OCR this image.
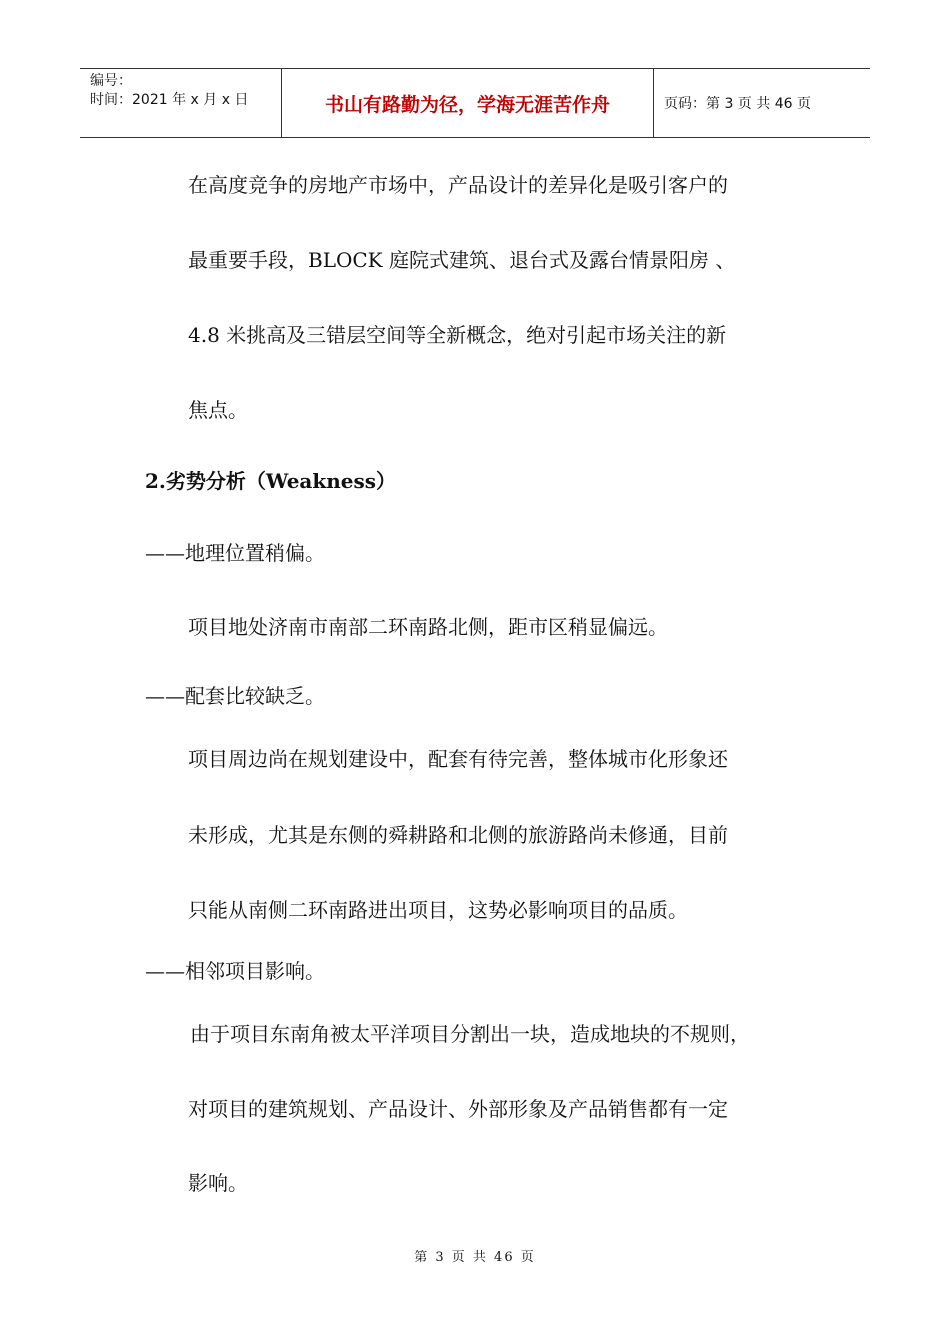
编号：
时间：2021 年 x 月 x 日	书山有路勤为径，学海无涯苦作舟	页码：第 3 页 共 46 页
在高度竞争的房地产市场中，产品设计的差异化是吸引客户的
最重要手段，BLOCK 庭院式建筑、退台式及露台情景阳房 、
4.8 米挑高及三错层空间等全新概念，绝对引起市场关注的新
焦点。
2.劣势分析（Weakness）
——地理位置稍偏。
项目地处济南市南部二环南路北侧，距市区稍显偏远。
——配套比较缺乏。
项目周边尚在规划建设中，配套有待完善，整体城市化形象还
未形成，尤其是东侧的舜耕路和北侧的旅游路尚未修通，目前
只能从南侧二环南路进出项目，这势必影响项目的品质。
——相邻项目影响。
由于项目东南角被太平洋项目分割出一块，造成地块的不规则，
对项目的建筑规划、产品设计、外部形象及产品销售都有一定
影响。
第 3 页 共 46 页
